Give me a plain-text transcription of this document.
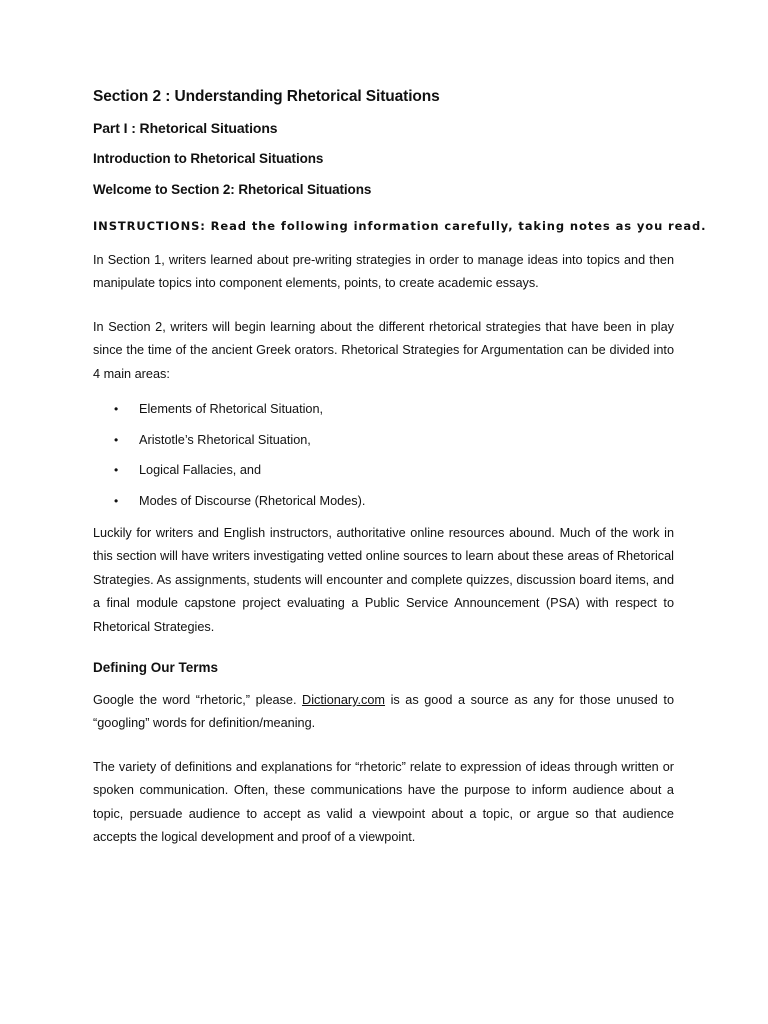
Section 2 : Understanding Rhetorical Situations
Part I : Rhetorical Situations
Introduction to Rhetorical Situations
Welcome to Section 2: Rhetorical Situations
INSTRUCTIONS: Read the following information carefully, taking notes as you read.

In Section 1, writers learned about pre-writing strategies in order to manage ideas into topics and then manipulate topics into component elements, points, to create academic essays.

In Section 2, writers will begin learning about the different rhetorical strategies that have been in play since the time of the ancient Greek orators. Rhetorical Strategies for Argumentation can be divided into 4 main areas:

• Elements of Rhetorical Situation,
• Aristotle’s Rhetorical Situation,
• Logical Fallacies, and
• Modes of Discourse (Rhetorical Modes).

Luckily for writers and English instructors, authoritative online resources abound. Much of the work in this section will have writers investigating vetted online sources to learn about these areas of Rhetorical Strategies. As assignments, students will encounter and complete quizzes, discussion board items, and a final module capstone project evaluating a Public Service Announcement (PSA) with respect to Rhetorical Strategies.

Defining Our Terms

Google the word “rhetoric,” please. Dictionary.com is as good a source as any for those unused to “googling” words for definition/meaning.

The variety of definitions and explanations for “rhetoric” relate to expression of ideas through written or spoken communication. Often, these communications have the purpose to inform audience about a topic, persuade audience to accept as valid a viewpoint about a topic, or argue so that audience accepts the logical development and proof of a viewpoint.
